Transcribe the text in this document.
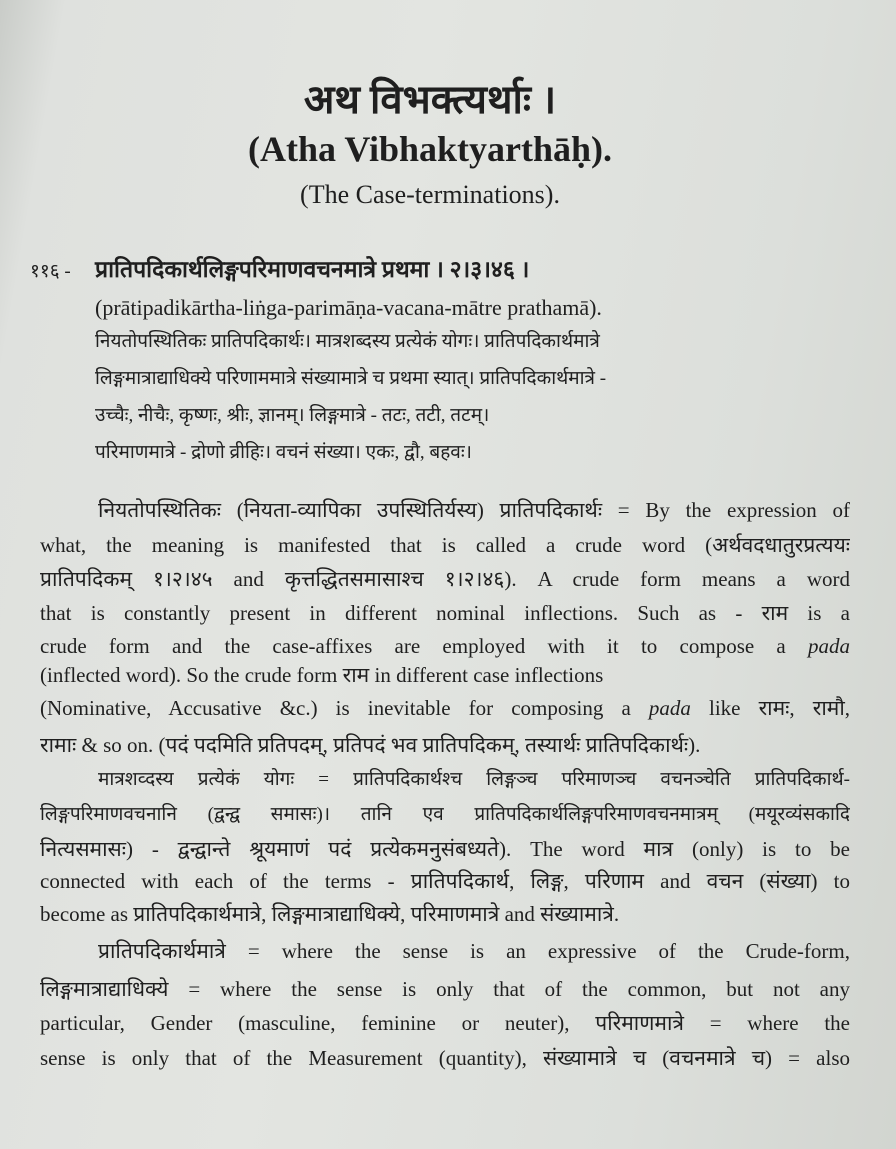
अथ विभक्त्यर्थाः ।
(Atha Vibhaktyarthāḥ).
(The Case-terminations).
११६ - प्रातिपदिकार्थलिङ्गपरिमाणवचनमात्रे प्रथमा । २।३।४६ ।
(prātipadikārtha-liṅga-parimāṇa-vacana-mātre prathamā).
नियतोपस्थितिकः प्रातिपदिकार्थः। मात्रशब्दस्य प्रत्येकं योगः। प्रातिपदिकार्थमात्रे
लिङ्गमात्राद्याधिक्ये परिणाममात्रे संख्यामात्रे च प्रथमा स्यात्। प्रातिपदिकार्थमात्रे -
उच्चैः, नीचैः, कृष्णः, श्रीः, ज्ञानम्। लिङ्गमात्रे - तटः, तटी, तटम्।
परिमाणमात्रे - द्रोणो व्रीहिः। वचनं संख्या। एकः, द्वौ, बहवः।
नियतोपस्थितिकः (नियता-व्यापिका उपस्थितिर्यस्य) प्रातिपदिकार्थः = By the expression of
what, the meaning is manifested that is called a crude word (अर्थवदधातुरप्रत्ययः
प्रातिपदिकम् १।२।४५ and कृत्तद्धितसमासाश्च १।२।४६). A crude form means a word
that is constantly present in different nominal inflections. Such as - राम is a
crude form and the case-affixes are employed with it to compose a pada
(inflected word). So the crude form राम in different case inflections
(Nominative, Accusative &c.) is inevitable for composing a pada like रामः, रामौ,
रामाः & so on. (पदं पदमिति प्रतिपदम्, प्रतिपदं भव प्रातिपदिकम्, तस्यार्थः प्रातिपदिकार्थः).
मात्रशव्दस्य प्रत्येकं योगः = प्रातिपदिकार्थश्च लिङ्गञ्च परिमाणञ्च वचनञ्चेति प्रातिपदिकार्थ-
लिङ्गपरिमाणवचनानि (द्वन्द्व समासः)। तानि एव प्रातिपदिकार्थलिङ्गपरिमाणवचनमात्रम् (मयूरव्यंसकादि
नित्यसमासः) - द्वन्द्वान्ते श्रूयमाणं पदं प्रत्येकमनुसंबध्यते). The word मात्र (only) is to be
connected with each of the terms - प्रातिपदिकार्थ, लिङ्ग, परिणाम and वचन (संख्या) to
become as प्रातिपदिकार्थमात्रे, लिङ्गमात्राद्याधिक्ये, परिमाणमात्रे and संख्यामात्रे.
प्रातिपदिकार्थमात्रे = where the sense is an expressive of the Crude-form,
लिङ्गमात्राद्याधिक्ये = where the sense is only that of the common, but not any
particular, Gender (masculine, feminine or neuter), परिमाणमात्रे = where the
sense is only that of the Measurement (quantity), संख्यामात्रे च (वचनमात्रे च) = also
